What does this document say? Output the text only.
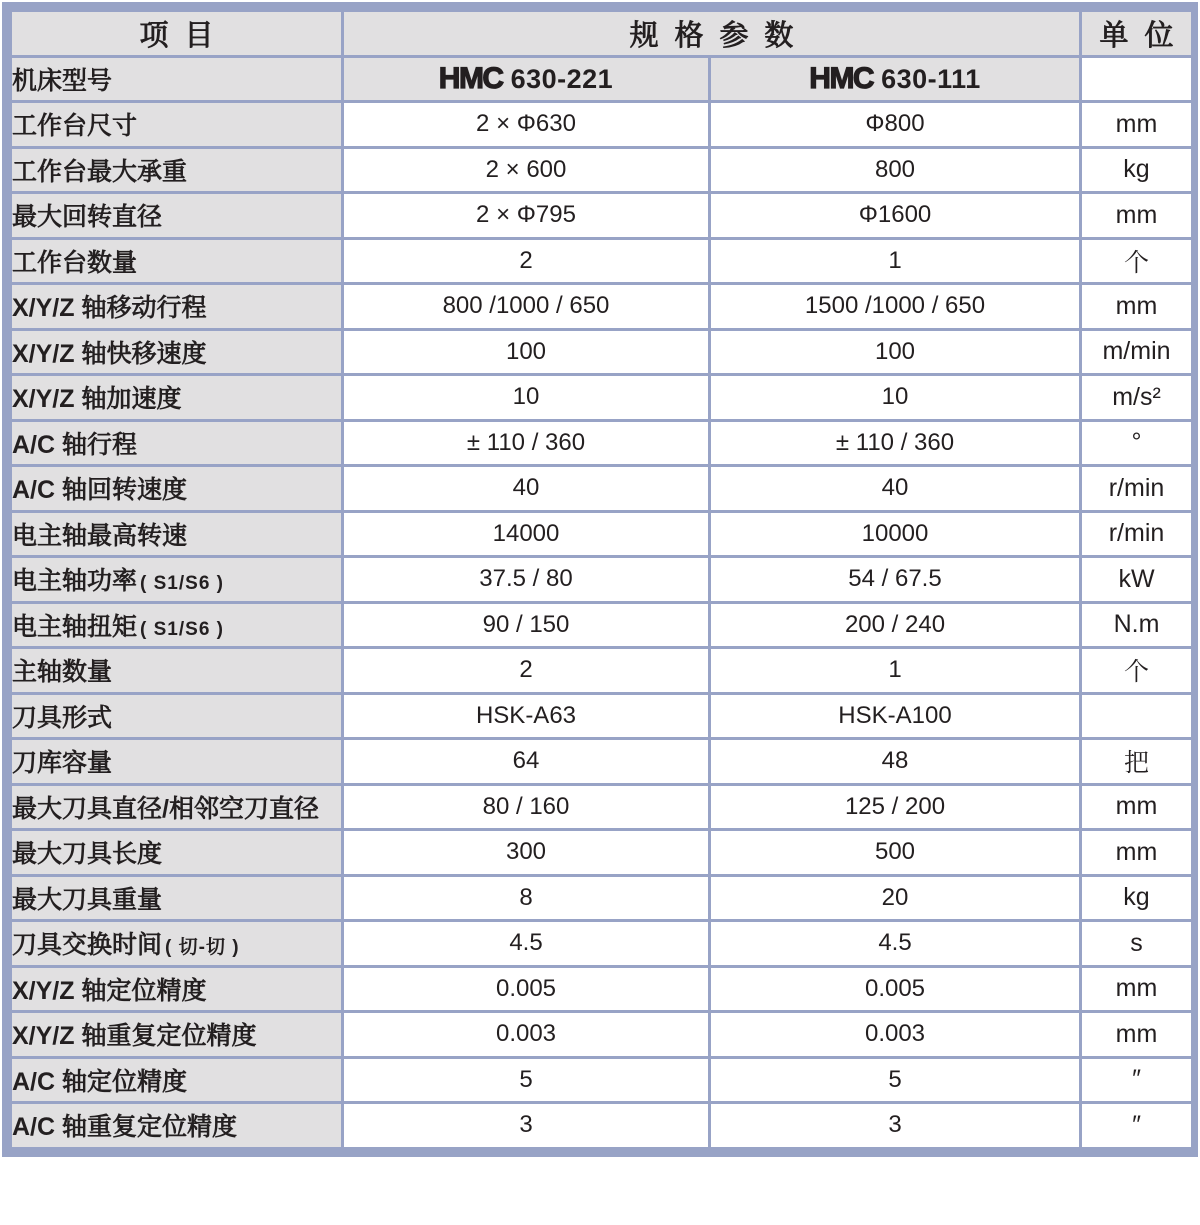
项目	规格参数		单位
机床型号	HMC 630-221	HMC 630-111	
工作台尺寸	2 × Φ630	Φ800	mm
工作台最大承重	2 × 600	800	kg
最大回转直径	2 × Φ795	Φ1600	mm
工作台数量	2	1	个
X/Y/Z 轴移动行程	800 /1000 / 650	1500 /1000 / 650	mm
X/Y/Z 轴快移速度	100	100	m/min
X/Y/Z 轴加速度	10	10	m/s²
A/C 轴行程	± 110 / 360	± 110 / 360	°
A/C 轴回转速度	40	40	r/min
电主轴最高转速	14000	10000	r/min
电主轴功率 ( S1/S6 )	37.5 / 80	54 / 67.5	kW
电主轴扭矩 ( S1/S6 )	90 / 150	200 / 240	N.m
主轴数量	2	1	个
刀具形式	HSK-A63	HSK-A100	
刀库容量	64	48	把
最大刀具直径/相邻空刀直径	80 / 160	125 / 200	mm
最大刀具长度	300	500	mm
最大刀具重量	8	20	kg
刀具交换时间 ( 切-切 )	4.5	4.5	s
X/Y/Z 轴定位精度	0.005	0.005	mm
X/Y/Z 轴重复定位精度	0.003	0.003	mm
A/C 轴定位精度	5	5	″
A/C 轴重复定位精度	3	3	″
